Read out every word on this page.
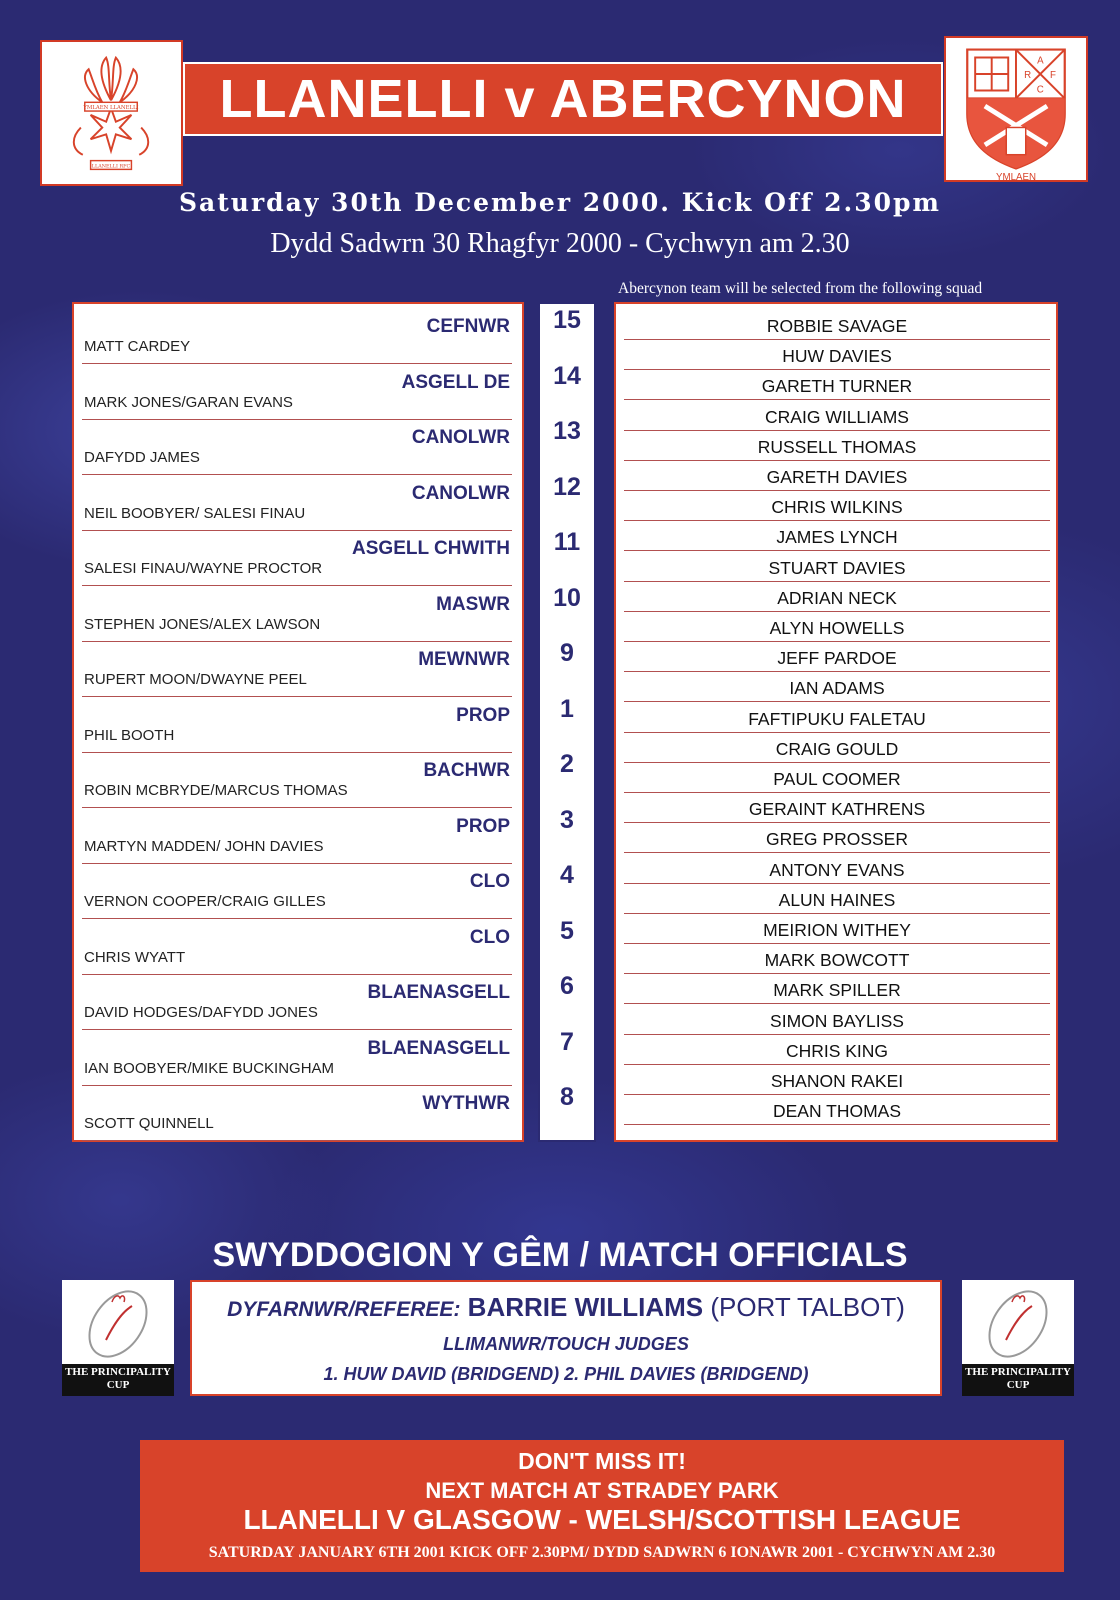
YMLAEN LLANELLI
LLANELLI RFC
LLANELLI v ABERCYNON
A
R F
C
YMLAEN
Saturday 30th December 2000. Kick Off 2.30pm
Dydd Sadwrn 30 Rhagfyr 2000 - Cychwyn am 2.30
Abercynon team will be selected from the following squad
MATT CARDEY
CEFNWR
MARK JONES/GARAN EVANS
ASGELL DE
DAFYDD JAMES
CANOLWR
NEIL BOOBYER/ SALESI FINAU
CANOLWR
SALESI FINAU/WAYNE PROCTOR
ASGELL CHWITH
STEPHEN JONES/ALEX LAWSON
MASWR
RUPERT MOON/DWAYNE PEEL
MEWNWR
PHIL BOOTH
PROP
ROBIN MCBRYDE/MARCUS THOMAS
BACHWR
MARTYN MADDEN/ JOHN DAVIES
PROP
VERNON COOPER/CRAIG GILLES
CLO
CHRIS WYATT
CLO
DAVID HODGES/DAFYDD JONES
BLAENASGELL
IAN BOOBYER/MIKE BUCKINGHAM
BLAENASGELL
SCOTT QUINNELL
WYTHWR
15
14
13
12
11
10
9
1
2
3
4
5
6
7
8
ROBBIE SAVAGE
HUW DAVIES
GARETH TURNER
CRAIG WILLIAMS
RUSSELL THOMAS
GARETH DAVIES
CHRIS WILKINS
JAMES LYNCH
STUART DAVIES
ADRIAN NECK
ALYN HOWELLS
JEFF PARDOE
IAN ADAMS
FAFTIPUKU FALETAU
CRAIG GOULD
PAUL COOMER
GERAINT KATHRENS
GREG PROSSER
ANTONY EVANS
ALUN HAINES
MEIRION WITHEY
MARK BOWCOTT
MARK SPILLER
SIMON BAYLISS
CHRIS KING
SHANON RAKEI
DEAN THOMAS
SWYDDOGION Y GÊM / MATCH OFFICIALS
THE PRINCIPALITY
CUP
DYFARNWR/REFEREE: BARRIE WILLIAMS (PORT TALBOT)
LLIMANWR/TOUCH JUDGES
1. HUW DAVID (BRIDGEND) 2. PHIL DAVIES (BRIDGEND)	THE PRINCIPALITY
CUP
DON'T MISS IT!
NEXT MATCH AT STRADEY PARK
LLANELLI V GLASGOW - WELSH/SCOTTISH LEAGUE
SATURDAY JANUARY 6TH 2001 KICK OFF 2.30PM/ DYDD SADWRN 6 IONAWR 2001 - CYCHWYN AM 2.30
